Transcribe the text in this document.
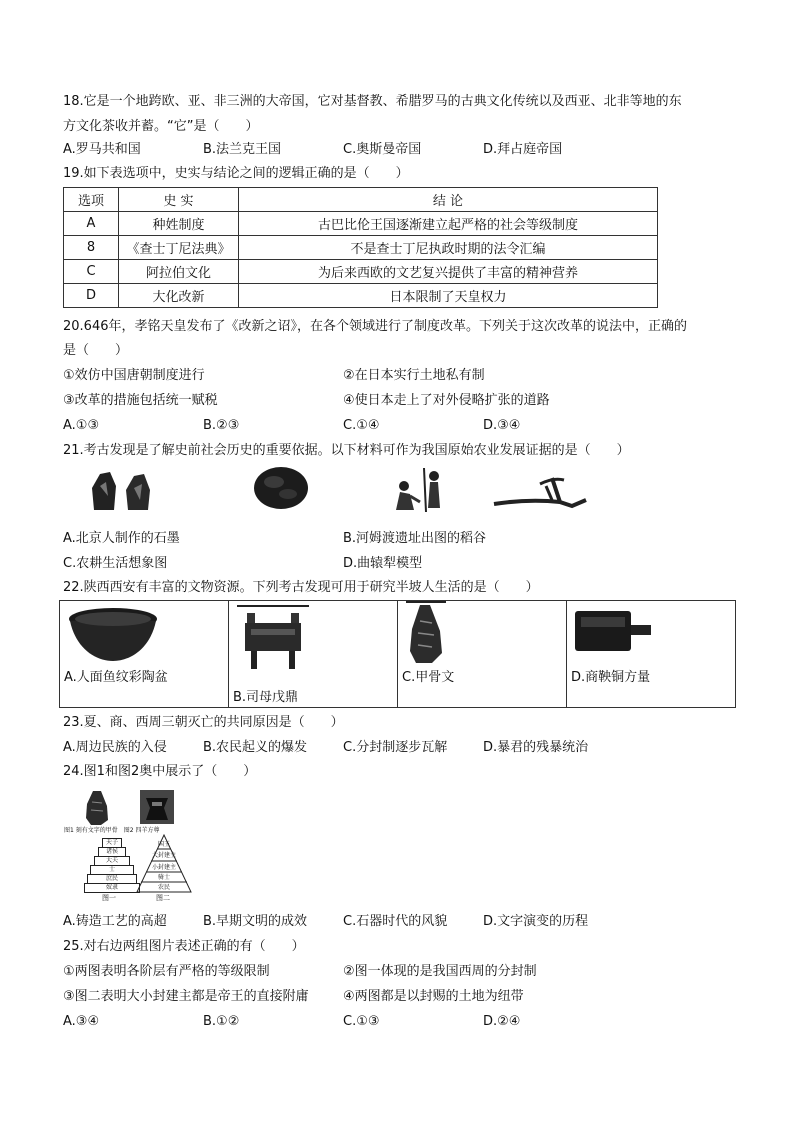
18.它是一个地跨欧、亚、非三洲的大帝国，它对基督教、希腊罗马的古典文化传统以及西亚、北非等地的东
方文化茶收并蓄。“它”是（　　）
A.罗马共和国	B.法兰克王国	C.奥斯曼帝国	D.拜占庭帝国
19.如下表选项中，史实与结论之间的逻辑正确的是（　　）
选项	史 实	结 论
A	种姓制度	古巴比伦王国逐渐建立起严格的社会等级制度
8	《查士丁尼法典》	不是查士丁尼执政时期的法令汇编
C	阿拉伯文化	为后来西欧的文艺复兴提供了丰富的精神营养
D	大化改新	日本限制了天皇权力
20.646年，孝铭天皇发布了《改新之诏》，在各个领域进行了制度改革。下列关于这次改革的说法中，正确的
是（　　）
①效仿中国唐朝制度进行	②在日本实行土地私有制
③改革的措施包括统一赋税	④使日本走上了对外侵略扩张的道路
A.①③	B.②③	C.①④	D.③④
21.考古发现是了解史前社会历史的重要依据。以下材料可作为我国原始农业发展证据的是（　　）
A.北京人制作的石墨	B.河姆渡遗址出图的稻谷
C.农耕生活想象图	D.曲辕犁模型
22.陕西西安有丰富的文物资源。下列考古发现可用于研究半坡人生活的是（　　）
A.人面鱼纹彩陶盆
B.司母戊鼎
C.甲骨文	D.商鞅铜方量
23.夏、商、西周三朝灭亡的共同原因是（　　）
A.周边民族的入侵	B.农民起义的爆发	C.分封制逐步瓦解	D.暴君的残暴统治
24.图1和图2奥中展示了（　　）
图1 刻有文字的甲骨　图2 四羊方尊
天子
诸侯
大夫
士
庶民
奴隶
图一
国王
大封建主
小封建主
骑士
农民
图二
A.铸造工艺的高超	B.早期文明的成效	C.石器时代的风貌	D.文字演变的历程
25.对右边两组图片表述正确的有（　　）
①两图表明各阶层有严格的等级限制	②图一体现的是我国西周的分封制
③图二表明大小封建主都是帝王的直接附庸	④两图都是以封赐的土地为纽带
A.③④	B.①②	C.①③	D.②④
